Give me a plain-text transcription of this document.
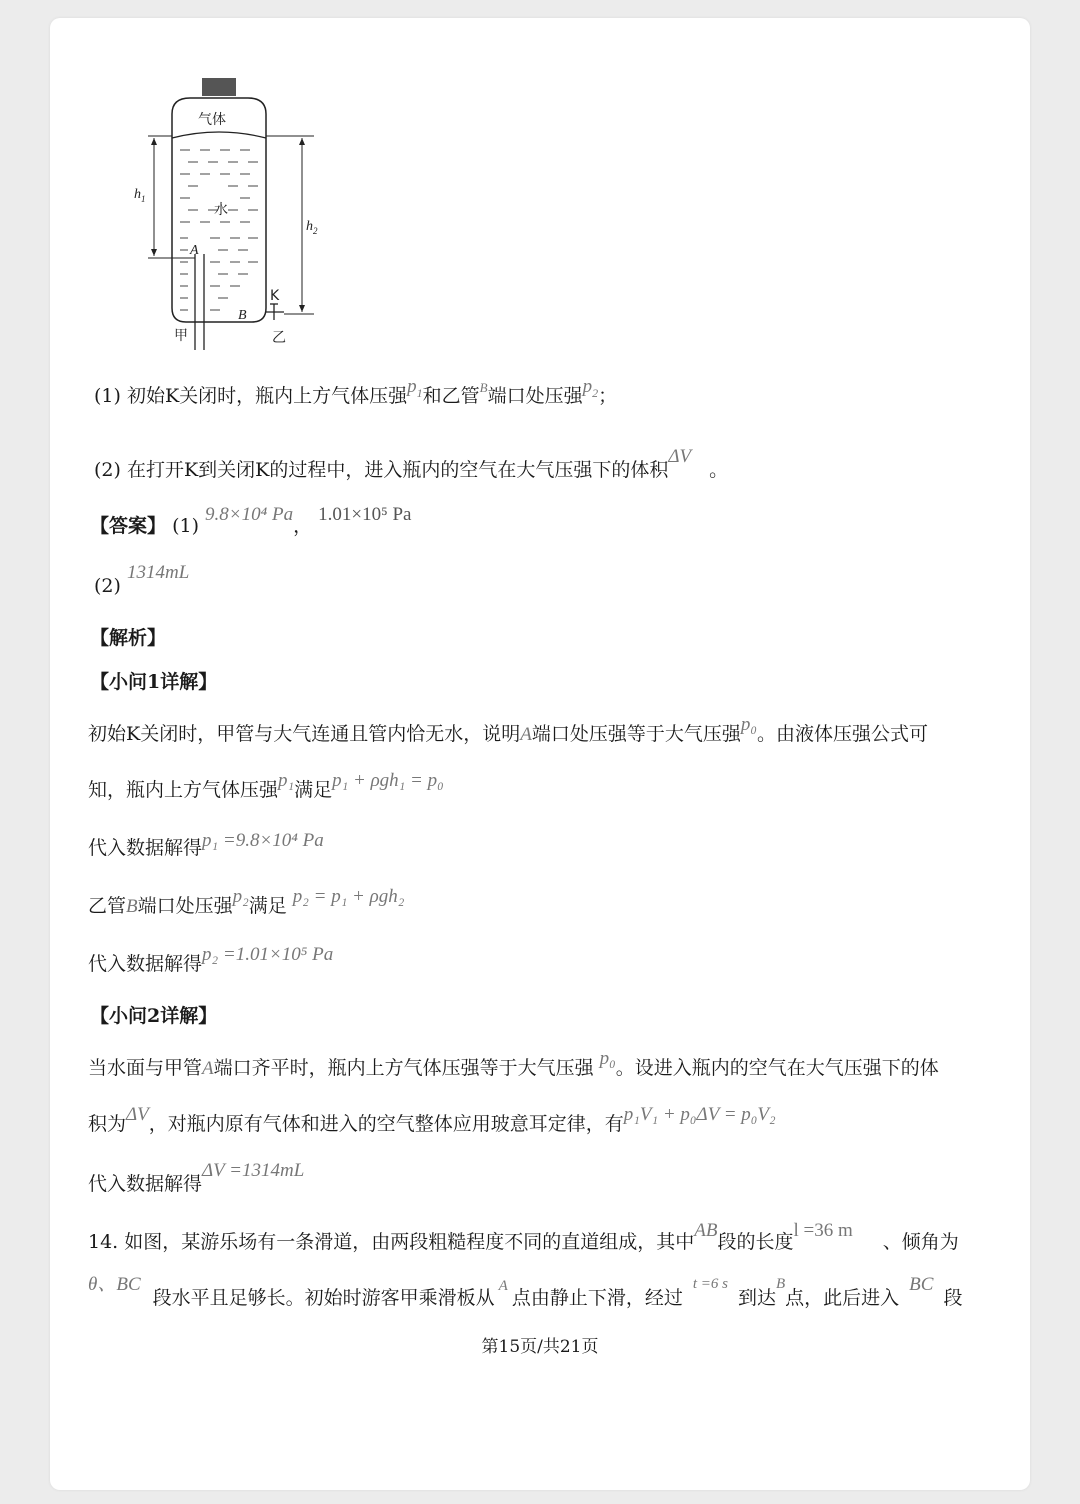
气体
水
$h_1$
$h_2$
A
B
K
甲	乙
(1) 初始K关闭时，瓶内上方气体压强$p_1$和乙管$^B$端口处压强$p_2$；
(2) 在打开K到关闭K的过程中，进入瓶内的空气在大气压强下的体积ΔV。
【答案】 (1) 9.8×10⁴ Pa， 1.01×10⁵ Pa
(2) 1314mL
【解析】
【小问1详解】
初始K关闭时，甲管与大气连通且管内恰无水，说明A端口处压强等于大气压强p₀。由液体压强公式可
知，瓶内上方气体压强p₁满足p₁ + ρgh₁ = p₀
代入数据解得p₁ =9.8×10⁴ Pa
乙管B端口处压强p₂满足 p₂ = p₁ + ρgh₂
代入数据解得p₂ =1.01×10⁵ Pa
【小问2详解】
当水面与甲管A端口齐平时，瓶内上方气体压强等于大气压强 p₀。设进入瓶内的空气在大气压强下的体
积为ΔV，对瓶内原有气体和进入的空气整体应用玻意耳定律，有p₁V₁ + p₀ΔV = p₀V₂
代入数据解得ΔV =1314mL
14. 如图，某游乐场有一条滑道，由两段粗糙程度不同的直道组成，其中AB段的长度l =36 m、倾角为
θ、BC段水平且足够长。初始时游客甲乘滑板从$^A$点由静止下滑，经过$^{t =6 s}$到达$^B$点，此后进入BC段
第15页/共21页
